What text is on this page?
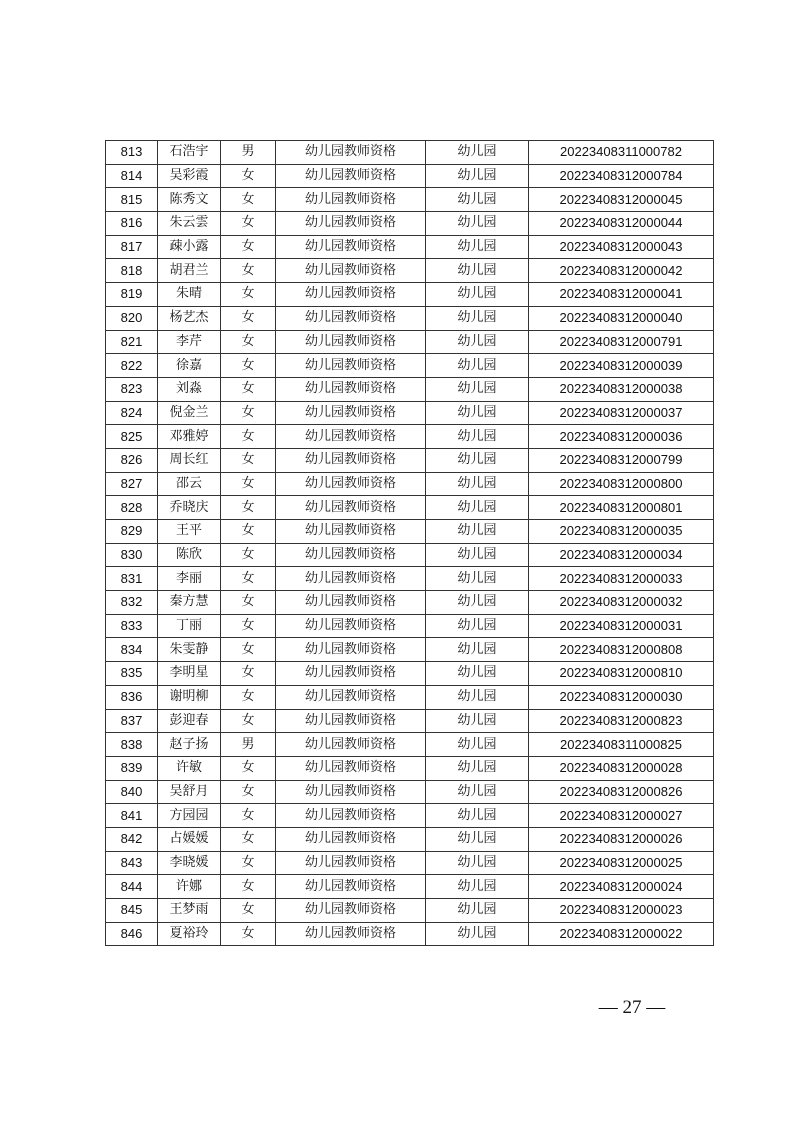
813	石浩宇	男	幼儿园教师资格	幼儿园	20223408311000782
814	吴彩霞	女	幼儿园教师资格	幼儿园	20223408312000784
815	陈秀文	女	幼儿园教师资格	幼儿园	20223408312000045
816	朱云雲	女	幼儿园教师资格	幼儿园	20223408312000044
817	疎小露	女	幼儿园教师资格	幼儿园	20223408312000043
818	胡君兰	女	幼儿园教师资格	幼儿园	20223408312000042
819	朱晴	女	幼儿园教师资格	幼儿园	20223408312000041
820	杨艺杰	女	幼儿园教师资格	幼儿园	20223408312000040
821	李芹	女	幼儿园教师资格	幼儿园	20223408312000791
822	徐嘉	女	幼儿园教师资格	幼儿园	20223408312000039
823	刘淼	女	幼儿园教师资格	幼儿园	20223408312000038
824	倪金兰	女	幼儿园教师资格	幼儿园	20223408312000037
825	邓雅婷	女	幼儿园教师资格	幼儿园	20223408312000036
826	周长红	女	幼儿园教师资格	幼儿园	20223408312000799
827	邵云	女	幼儿园教师资格	幼儿园	20223408312000800
828	乔晓庆	女	幼儿园教师资格	幼儿园	20223408312000801
829	王平	女	幼儿园教师资格	幼儿园	20223408312000035
830	陈欣	女	幼儿园教师资格	幼儿园	20223408312000034
831	李丽	女	幼儿园教师资格	幼儿园	20223408312000033
832	秦方慧	女	幼儿园教师资格	幼儿园	20223408312000032
833	丁丽	女	幼儿园教师资格	幼儿园	20223408312000031
834	朱雯静	女	幼儿园教师资格	幼儿园	20223408312000808
835	李明星	女	幼儿园教师资格	幼儿园	20223408312000810
836	谢明柳	女	幼儿园教师资格	幼儿园	20223408312000030
837	彭迎春	女	幼儿园教师资格	幼儿园	20223408312000823
838	赵子扬	男	幼儿园教师资格	幼儿园	20223408311000825
839	许敏	女	幼儿园教师资格	幼儿园	20223408312000028
840	吴舒月	女	幼儿园教师资格	幼儿园	20223408312000826
841	方园园	女	幼儿园教师资格	幼儿园	20223408312000027
842	占媛媛	女	幼儿园教师资格	幼儿园	20223408312000026
843	李晓媛	女	幼儿园教师资格	幼儿园	20223408312000025
844	许娜	女	幼儿园教师资格	幼儿园	20223408312000024
845	王梦雨	女	幼儿园教师资格	幼儿园	20223408312000023
846	夏裕玲	女	幼儿园教师资格	幼儿园	20223408312000022
— 27 —
